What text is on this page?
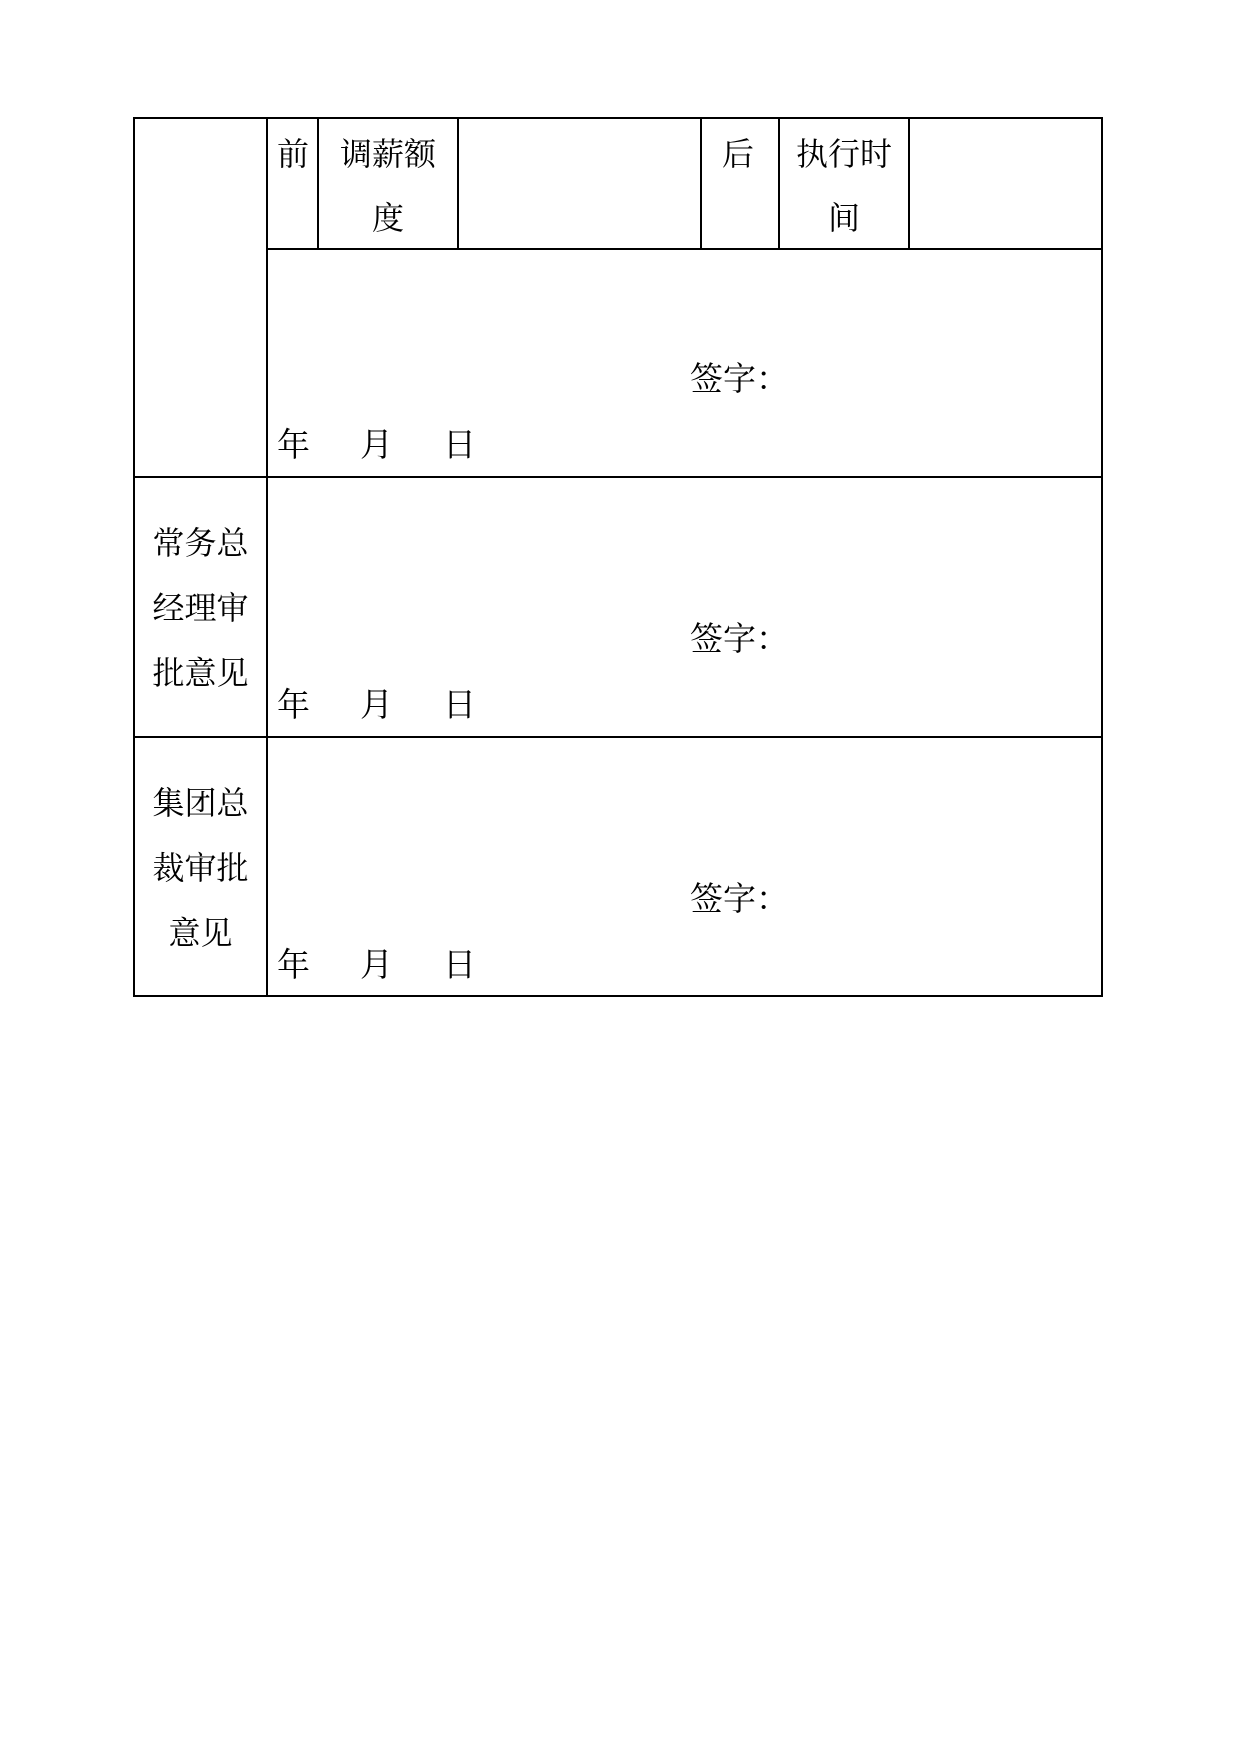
前 调薪额
度
后	执行时
间
签字：
年 月 日
常务总
经理审
批意见
签字：
年 月 日
集团总
裁审批
意见
签字：
年 月 日
